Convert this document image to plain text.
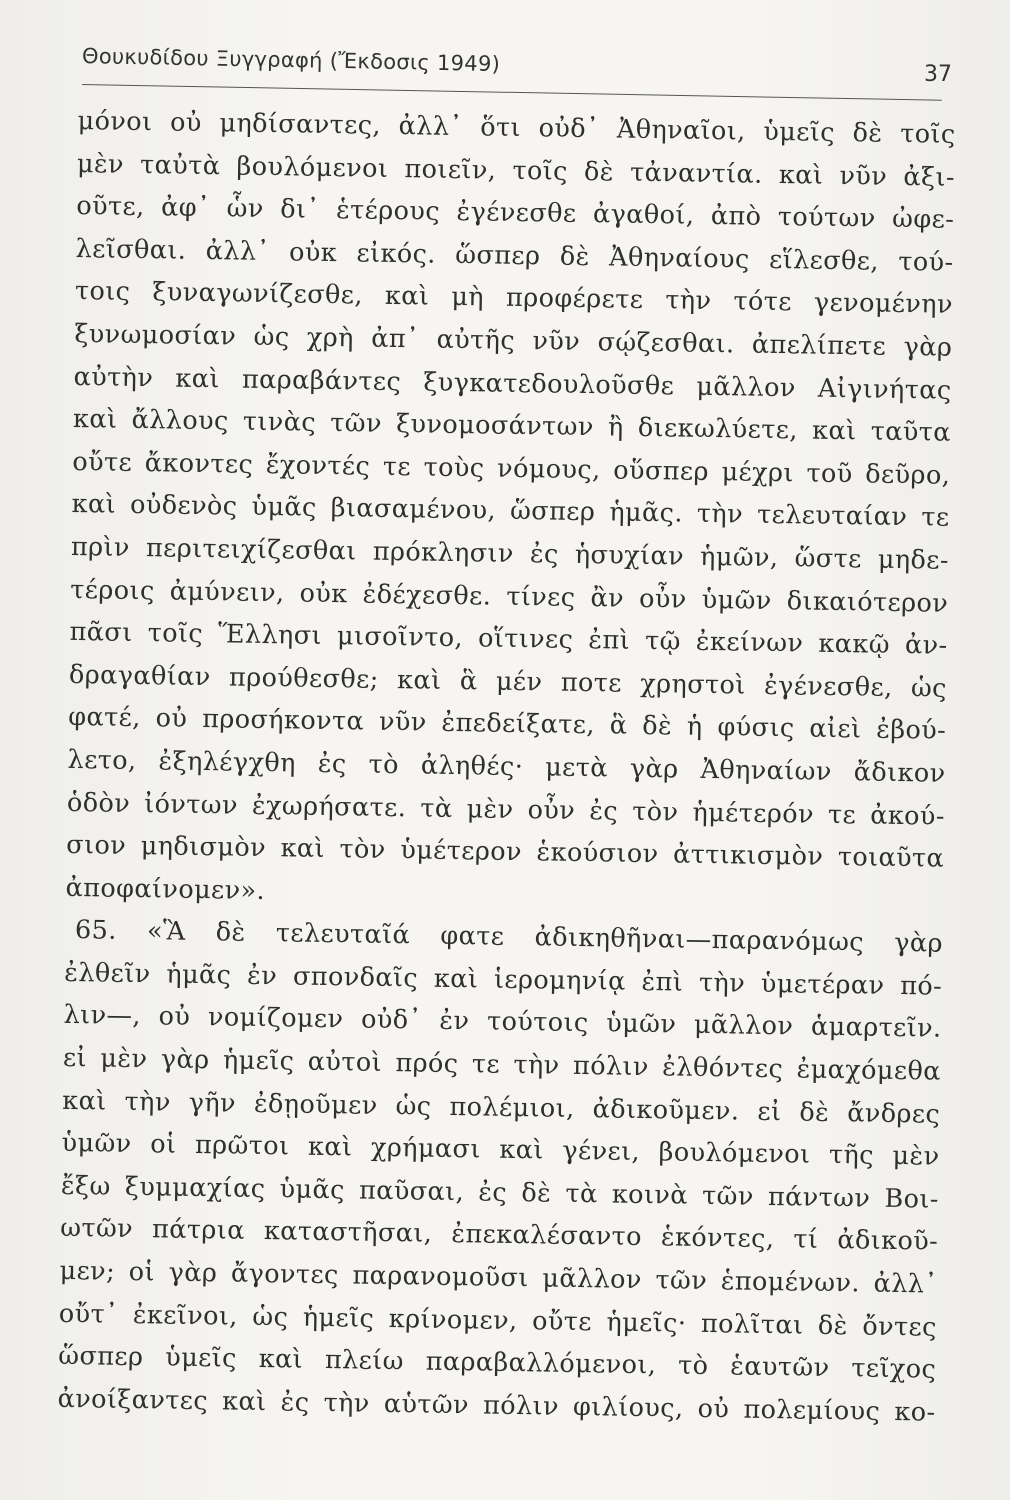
Θουκυδίδου Ξυγγραφή (Ἔκδοσις 1949)	37
μόνοι οὐ μηδίσαντες, ἀλλ᾽ ὅτι οὐδ᾽ Ἀθηναῖοι, ὑμεῖς δὲ τοῖς
μὲν ταὐτὰ βουλόμενοι ποιεῖν, τοῖς δὲ τἀναντία. καὶ νῦν ἀξι-
οῦτε, ἀφ᾽ ὧν δι᾽ ἑτέρους ἐγένεσθε ἀγαθοί, ἀπὸ τούτων ὠφε-
λεῖσθαι. ἀλλ᾽ οὐκ εἰκός. ὥσπερ δὲ Ἀθηναίους εἵλεσθε, τού-
τοις ξυναγωνίζεσθε, καὶ μὴ προφέρετε τὴν τότε γενομένην
ξυνωμοσίαν ὡς χρὴ ἀπ᾽ αὐτῆς νῦν σῴζεσθαι. ἀπελίπετε γὰρ
αὐτὴν καὶ παραβάντες ξυγκατεδουλοῦσθε μᾶλλον Αἰγινήτας
καὶ ἄλλους τινὰς τῶν ξυνομοσάντων ἢ διεκωλύετε, καὶ ταῦτα
οὔτε ἄκοντες ἔχοντές τε τοὺς νόμους, οὕσπερ μέχρι τοῦ δεῦρο,
καὶ οὐδενὸς ὑμᾶς βιασαμένου, ὥσπερ ἡμᾶς. τὴν τελευταίαν τε
πρὶν περιτειχίζεσθαι πρόκλησιν ἐς ἡσυχίαν ἡμῶν, ὥστε μηδε-
τέροις ἀμύνειν, οὐκ ἐδέχεσθε. τίνες ἂν οὖν ὑμῶν δικαιότερον
πᾶσι τοῖς Ἕλλησι μισοῖντο, οἵτινες ἐπὶ τῷ ἐκείνων κακῷ ἀν-
δραγαθίαν προύθεσθε; καὶ ἃ μέν ποτε χρηστοὶ ἐγένεσθε, ὡς
φατέ, οὐ προσήκοντα νῦν ἐπεδείξατε, ἃ δὲ ἡ φύσις αἰεὶ ἐβού-
λετο, ἐξηλέγχθη ἐς τὸ ἀληθές· μετὰ γὰρ Ἀθηναίων ἄδικον
ὁδὸν ἰόντων ἐχωρήσατε. τὰ μὲν οὖν ἐς τὸν ἡμέτερόν τε ἀκού-
σιον μηδισμὸν καὶ τὸν ὑμέτερον ἑκούσιον ἀττικισμὸν τοιαῦτα
ἀποφαίνομεν».
65. «Ἃ δὲ τελευταῖά φατε ἀδικηθῆναι—παρανόμως γὰρ
ἐλθεῖν ἡμᾶς ἐν σπονδαῖς καὶ ἱερομηνίᾳ ἐπὶ τὴν ὑμετέραν πό-
λιν—, οὐ νομίζομεν οὐδ᾽ ἐν τούτοις ὑμῶν μᾶλλον ἁμαρτεῖν.
εἰ μὲν γὰρ ἡμεῖς αὐτοὶ πρός τε τὴν πόλιν ἐλθόντες ἐμαχόμεθα
καὶ τὴν γῆν ἐδῃοῦμεν ὡς πολέμιοι, ἀδικοῦμεν. εἰ δὲ ἄνδρες
ὑμῶν οἱ πρῶτοι καὶ χρήμασι καὶ γένει, βουλόμενοι τῆς μὲν
ἔξω ξυμμαχίας ὑμᾶς παῦσαι, ἐς δὲ τὰ κοινὰ τῶν πάντων Βοι-
ωτῶν πάτρια καταστῆσαι, ἐπεκαλέσαντο ἑκόντες, τί ἀδικοῦ-
μεν; οἱ γὰρ ἄγοντες παρανομοῦσι μᾶλλον τῶν ἑπομένων. ἀλλ᾽
οὔτ᾽ ἐκεῖνοι, ὡς ἡμεῖς κρίνομεν, οὔτε ἡμεῖς· πολῖται δὲ ὄντες
ὥσπερ ὑμεῖς καὶ πλείω παραβαλλόμενοι, τὸ ἑαυτῶν τεῖχος
ἀνοίξαντες καὶ ἐς τὴν αὑτῶν πόλιν φιλίους, οὐ πολεμίους κο-
